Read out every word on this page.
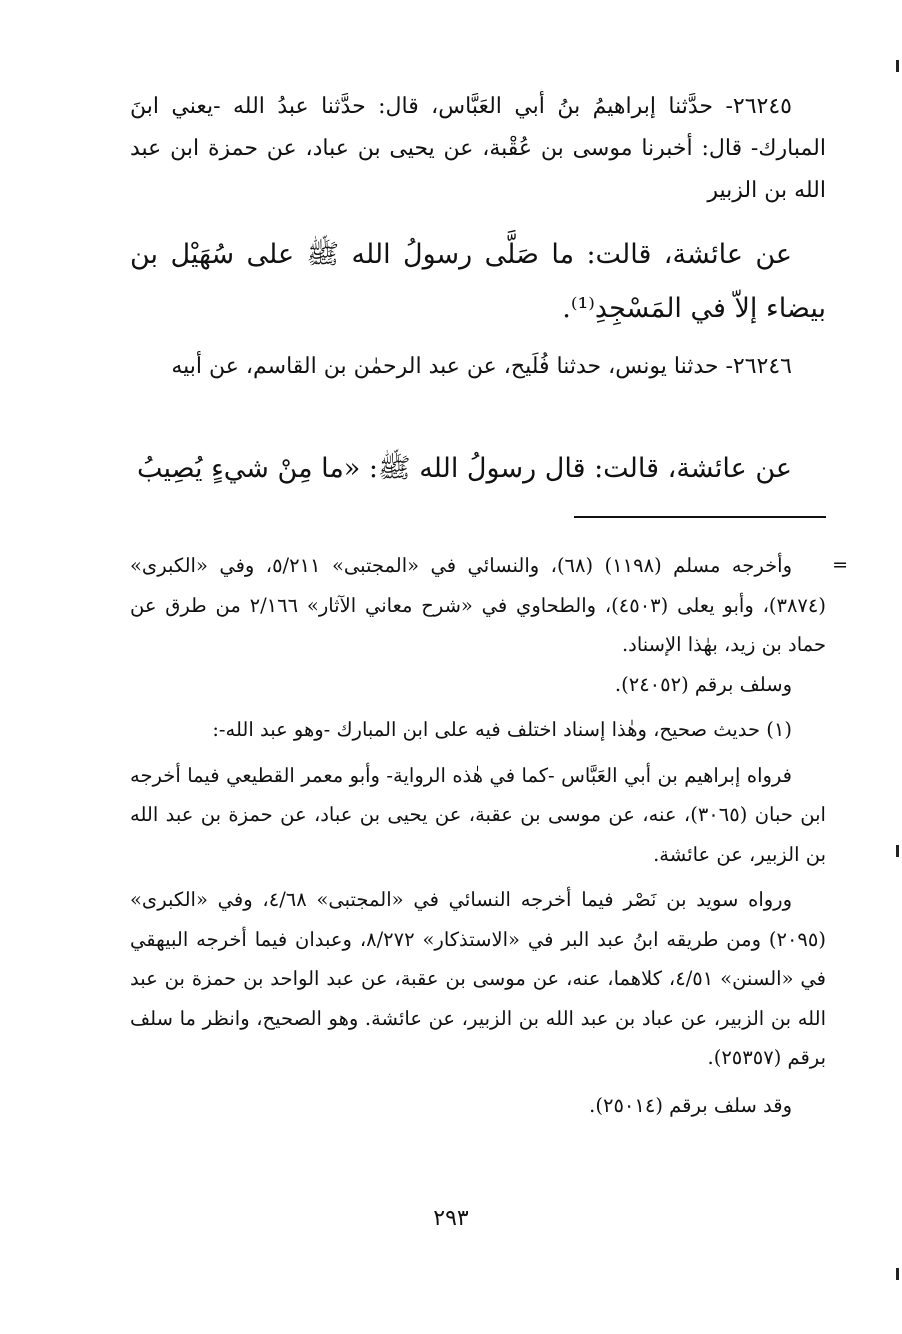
٢٦٢٤٥- حدَّثنا إبراهيمُ بنُ أبي العَبَّاس، قال: حدَّثنا عبدُ الله -يعني ابنَ المبارك- قال: أخبرنا موسى بن عُقْبة، عن يحيى بن عباد، عن حمزة ابن عبد الله بن الزبير

عن عائشة، قالت: ما صَلَّى رسولُ الله ﷺ على سُهَيْل بن بيضاء إلاّ في المَسْجِدِ⁽¹⁾.

٢٦٢٤٦- حدثنا يونس، حدثنا فُلَيح، عن عبد الرحمٰن بن القاسم، عن أبيه

عن عائشة، قالت: قال رسولُ الله ﷺ: «ما مِنْ شيءٍ يُصِيبُ

=

وأخرجه مسلم (١١٩٨) (٦٨)، والنسائي في «المجتبى» ٥/٢١١، وفي «الكبرى» (٣٨٧٤)، وأبو يعلى (٤٥٠٣)، والطحاوي في «شرح معاني الآثار» ٢/١٦٦ من طرق عن حماد بن زيد، بهٰذا الإسناد.

وسلف برقم (٢٤٠٥٢).

(١) حديث صحيح، وهٰذا إسناد اختلف فيه على ابن المبارك -وهو عبد الله-:

فرواه إبراهيم بن أبي العَبَّاس -كما في هٰذه الرواية- وأبو معمر القطيعي فيما أخرجه ابن حبان (٣٠٦٥)، عنه، عن موسى بن عقبة، عن يحيى بن عباد، عن حمزة بن عبد الله بن الزبير، عن عائشة.

ورواه سويد بن نَصْر فيما أخرجه النسائي في «المجتبى» ٤/٦٨، وفي «الكبرى» (٢٠٩٥) ومن طريقه ابنُ عبد البر في «الاستذكار» ٨/٢٧٢، وعبدان فيما أخرجه البيهقي في «السنن» ٤/٥١، كلاهما، عنه، عن موسى بن عقبة، عن عبد الواحد بن حمزة بن عبد الله بن الزبير، عن عباد بن عبد الله بن الزبير، عن عائشة. وهو الصحيح، وانظر ما سلف برقم (٢٥٣٥٧).

وقد سلف برقم (٢٥٠١٤).

٢٩٣
